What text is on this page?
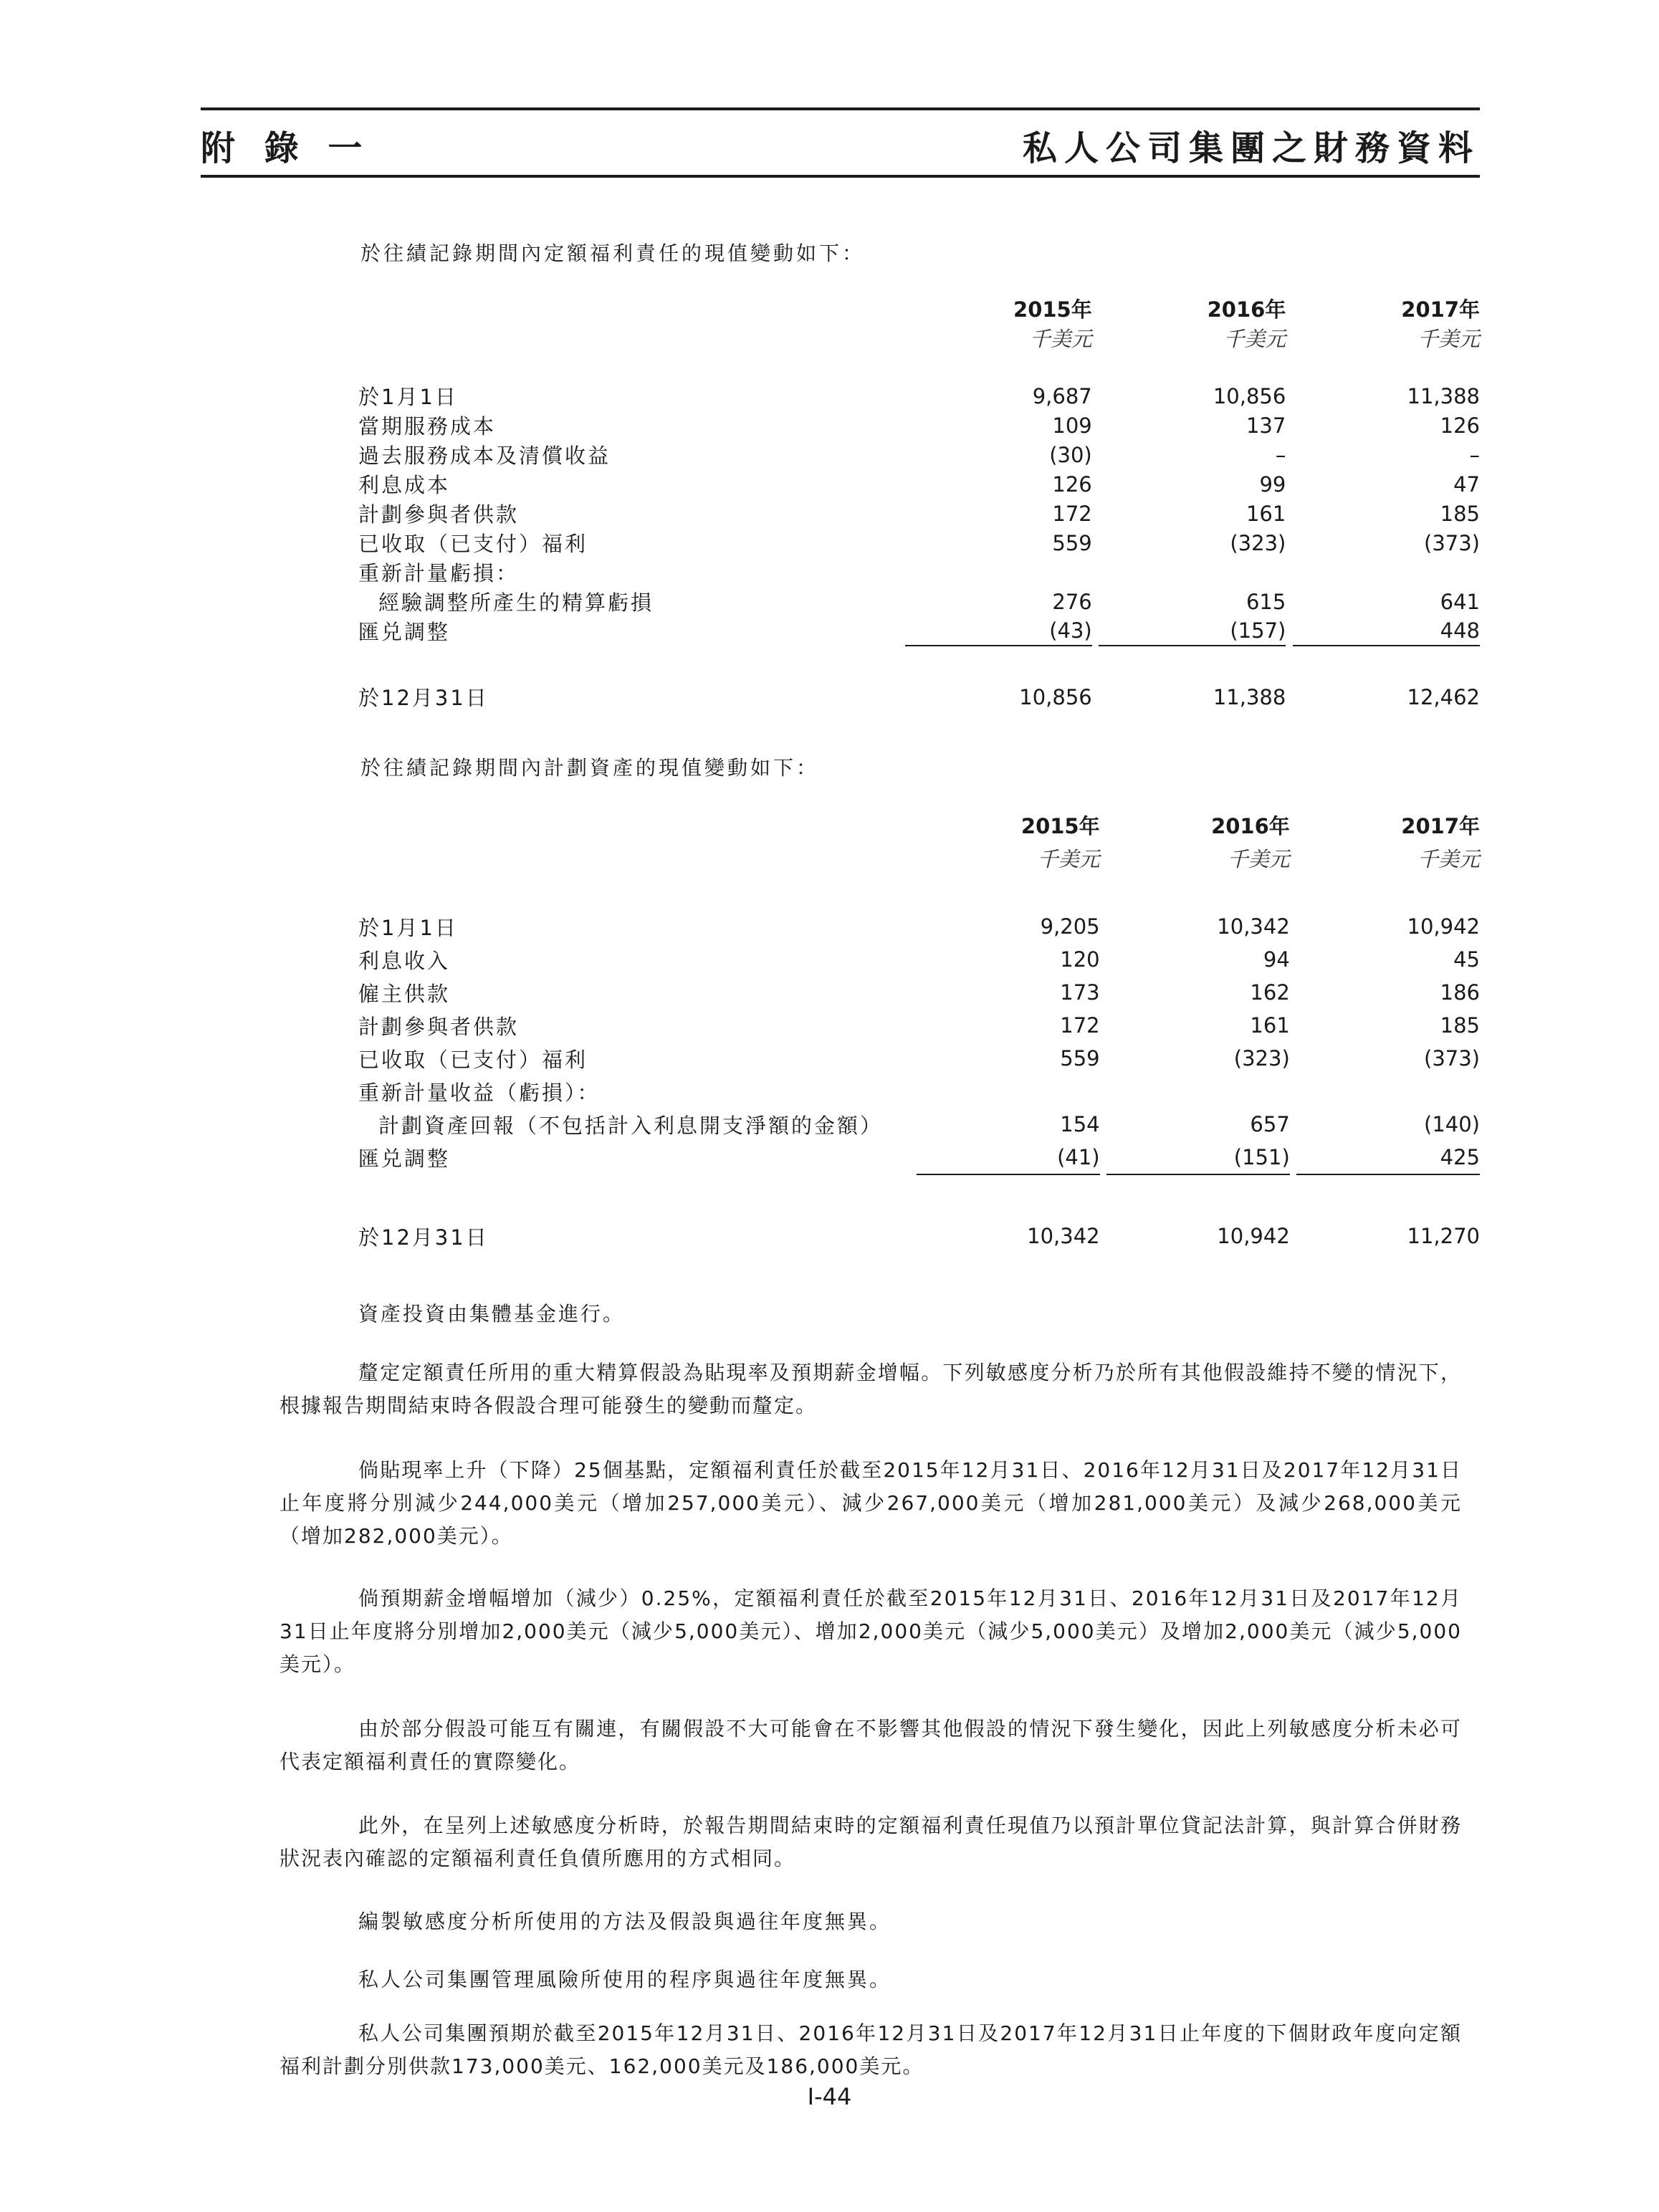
附 錄 一	私人公司集團之財務資料
於往績記錄期間內定額福利責任的現值變動如下：
	2015年		2016年		2017年
	千美元		千美元		千美元

於1月1日	9,687		10,856		11,388
當期服務成本	109		137		126
過去服務成本及清償收益	(30)		–		–
利息成本	126		99		47
計劃參與者供款	172		161		185
已收取（已支付）福利	559		(323)		(373)
重新計量虧損：					
經驗調整所產生的精算虧損	276		615		641
匯兑調整	(43)		(157)		448

於12月31日	10,856		11,388		12,462
於往績記錄期間內計劃資產的現值變動如下：
	2015年		2016年		2017年
	千美元		千美元		千美元

於1月1日	9,205		10,342		10,942
利息收入	120		94		45
僱主供款	173		162		186
計劃參與者供款	172		161		185
已收取（已支付）福利	559		(323)		(373)
重新計量收益（虧損）：					
計劃資產回報（不包括計入利息開支淨額的金額）	154		657		(140)
匯兑調整	(41)		(151)		425

於12月31日	10,342		10,942		11,270
資產投資由集體基金進行。

釐定定額責任所用的重大精算假設為貼現率及預期薪金增幅。下列敏感度分析乃於所有其他假設維持不變的情況下，根據報告期間結束時各假設合理可能發生的變動而釐定。

倘貼現率上升（下降）25個基點，定額福利責任於截至2015年12月31日、2016年12月31日及2017年12月31日止年度將分別減少244,000美元（增加257,000美元）、減少267,000美元（增加281,000美元）及減少268,000美元（增加282,000美元）。

倘預期薪金增幅增加（減少）0.25%，定額福利責任於截至2015年12月31日、2016年12月31日及2017年12月31日止年度將分別增加2,000美元（減少5,000美元）、增加2,000美元（減少5,000美元）及增加2,000美元（減少5,000美元）。

由於部分假設可能互有關連，有關假設不大可能會在不影響其他假設的情況下發生變化，因此上列敏感度分析未必可代表定額福利責任的實際變化。

此外，在呈列上述敏感度分析時，於報告期間結束時的定額福利責任現值乃以預計單位貸記法計算，與計算合併財務狀況表內確認的定額福利責任負債所應用的方式相同。

編製敏感度分析所使用的方法及假設與過往年度無異。
私人公司集團管理風險所使用的程序與過往年度無異。

私人公司集團預期於截至2015年12月31日、2016年12月31日及2017年12月31日止年度的下個財政年度向定額福利計劃分別供款173,000美元、162,000美元及186,000美元。

I-44
